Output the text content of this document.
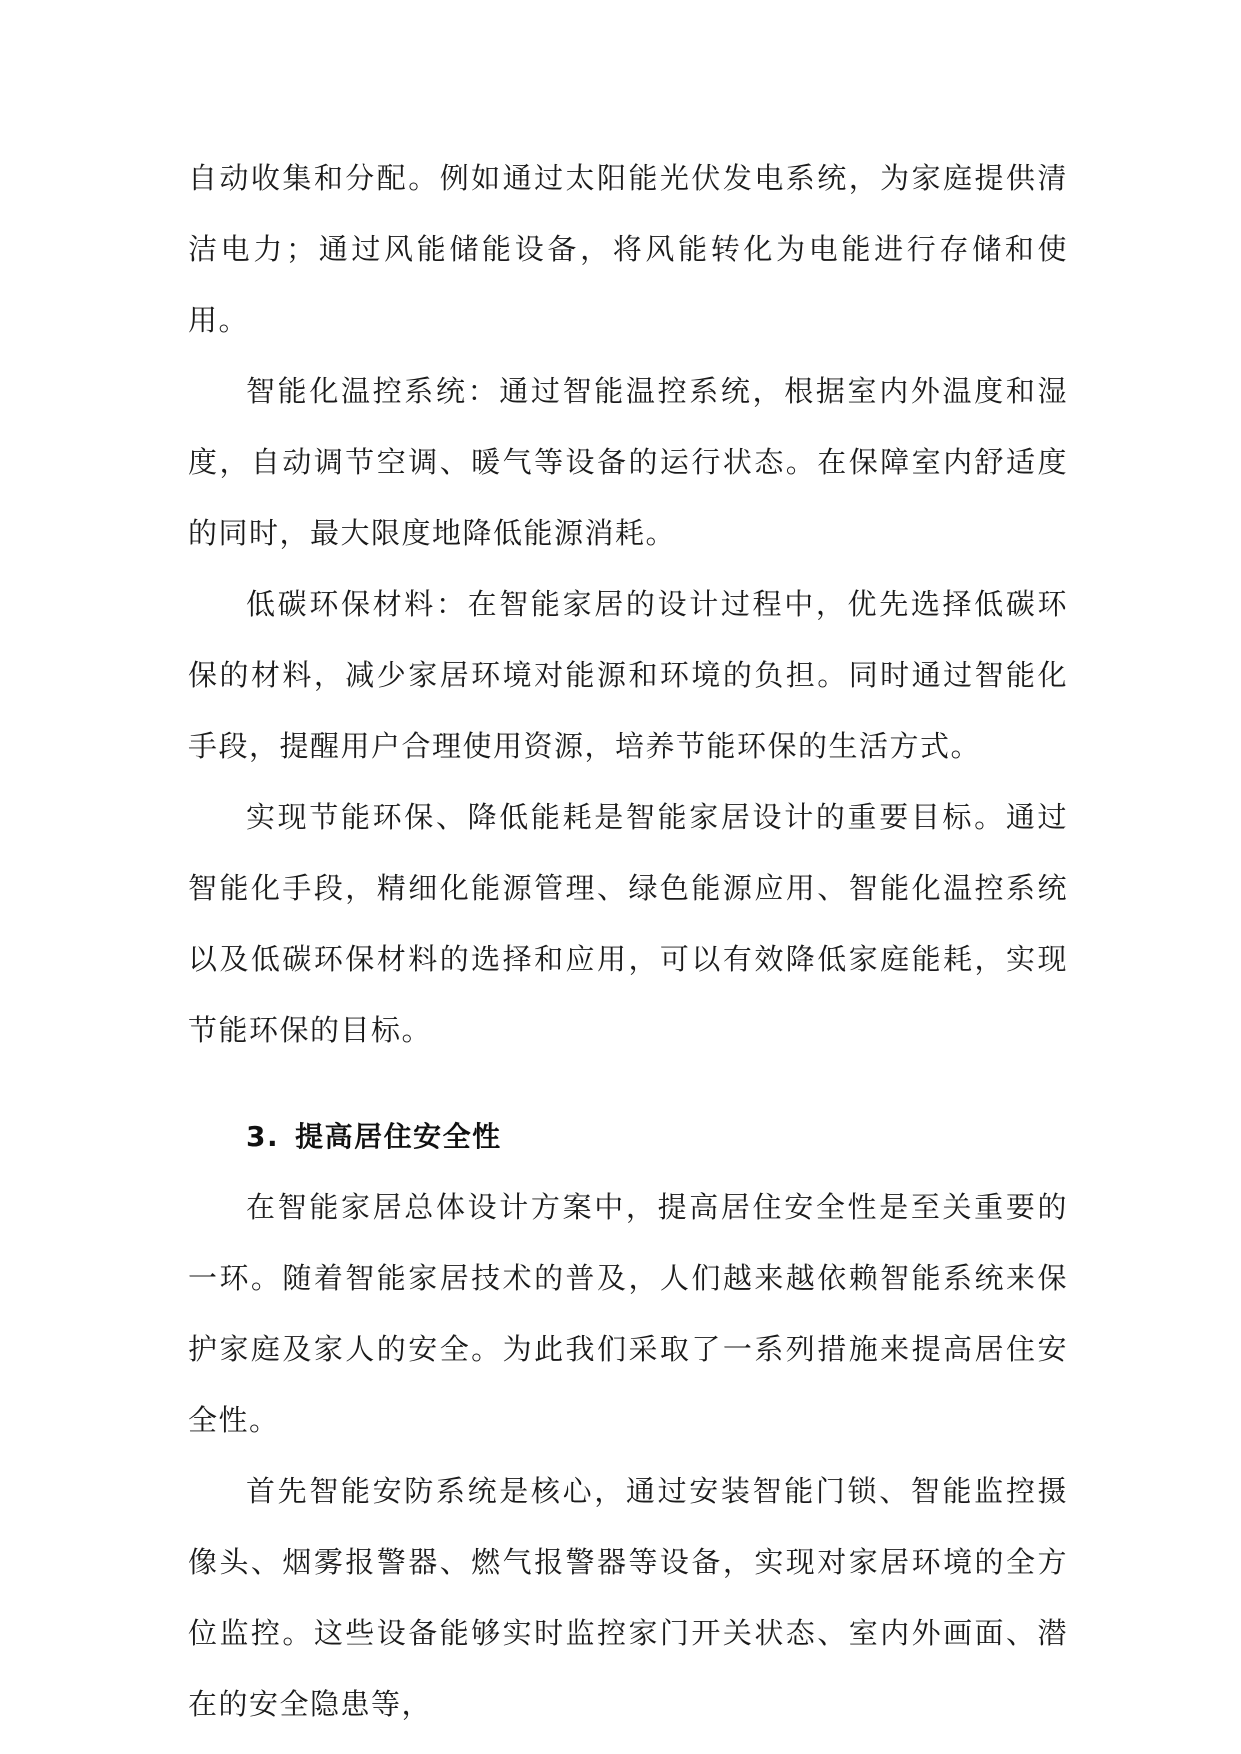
自动收集和分配。例如通过太阳能光伏发电系统，为家庭提供清洁电力；通过风能储能设备，将风能转化为电能进行存储和使用。

智能化温控系统：通过智能温控系统，根据室内外温度和湿度，自动调节空调、暖气等设备的运行状态。在保障室内舒适度的同时，最大限度地降低能源消耗。

低碳环保材料：在智能家居的设计过程中，优先选择低碳环保的材料，减少家居环境对能源和环境的负担。同时通过智能化手段，提醒用户合理使用资源，培养节能环保的生活方式。

实现节能环保、降低能耗是智能家居设计的重要目标。通过智能化手段，精细化能源管理、绿色能源应用、智能化温控系统以及低碳环保材料的选择和应用，可以有效降低家庭能耗，实现节能环保的目标。

3. 提高居住安全性

在智能家居总体设计方案中，提高居住安全性是至关重要的一环。随着智能家居技术的普及，人们越来越依赖智能系统来保护家庭及家人的安全。为此我们采取了一系列措施来提高居住安全性。

首先智能安防系统是核心，通过安装智能门锁、智能监控摄像头、烟雾报警器、燃气报警器等设备，实现对家居环境的全方位监控。这些设备能够实时监控家门开关状态、室内外画面、潜在的安全隐患等，
